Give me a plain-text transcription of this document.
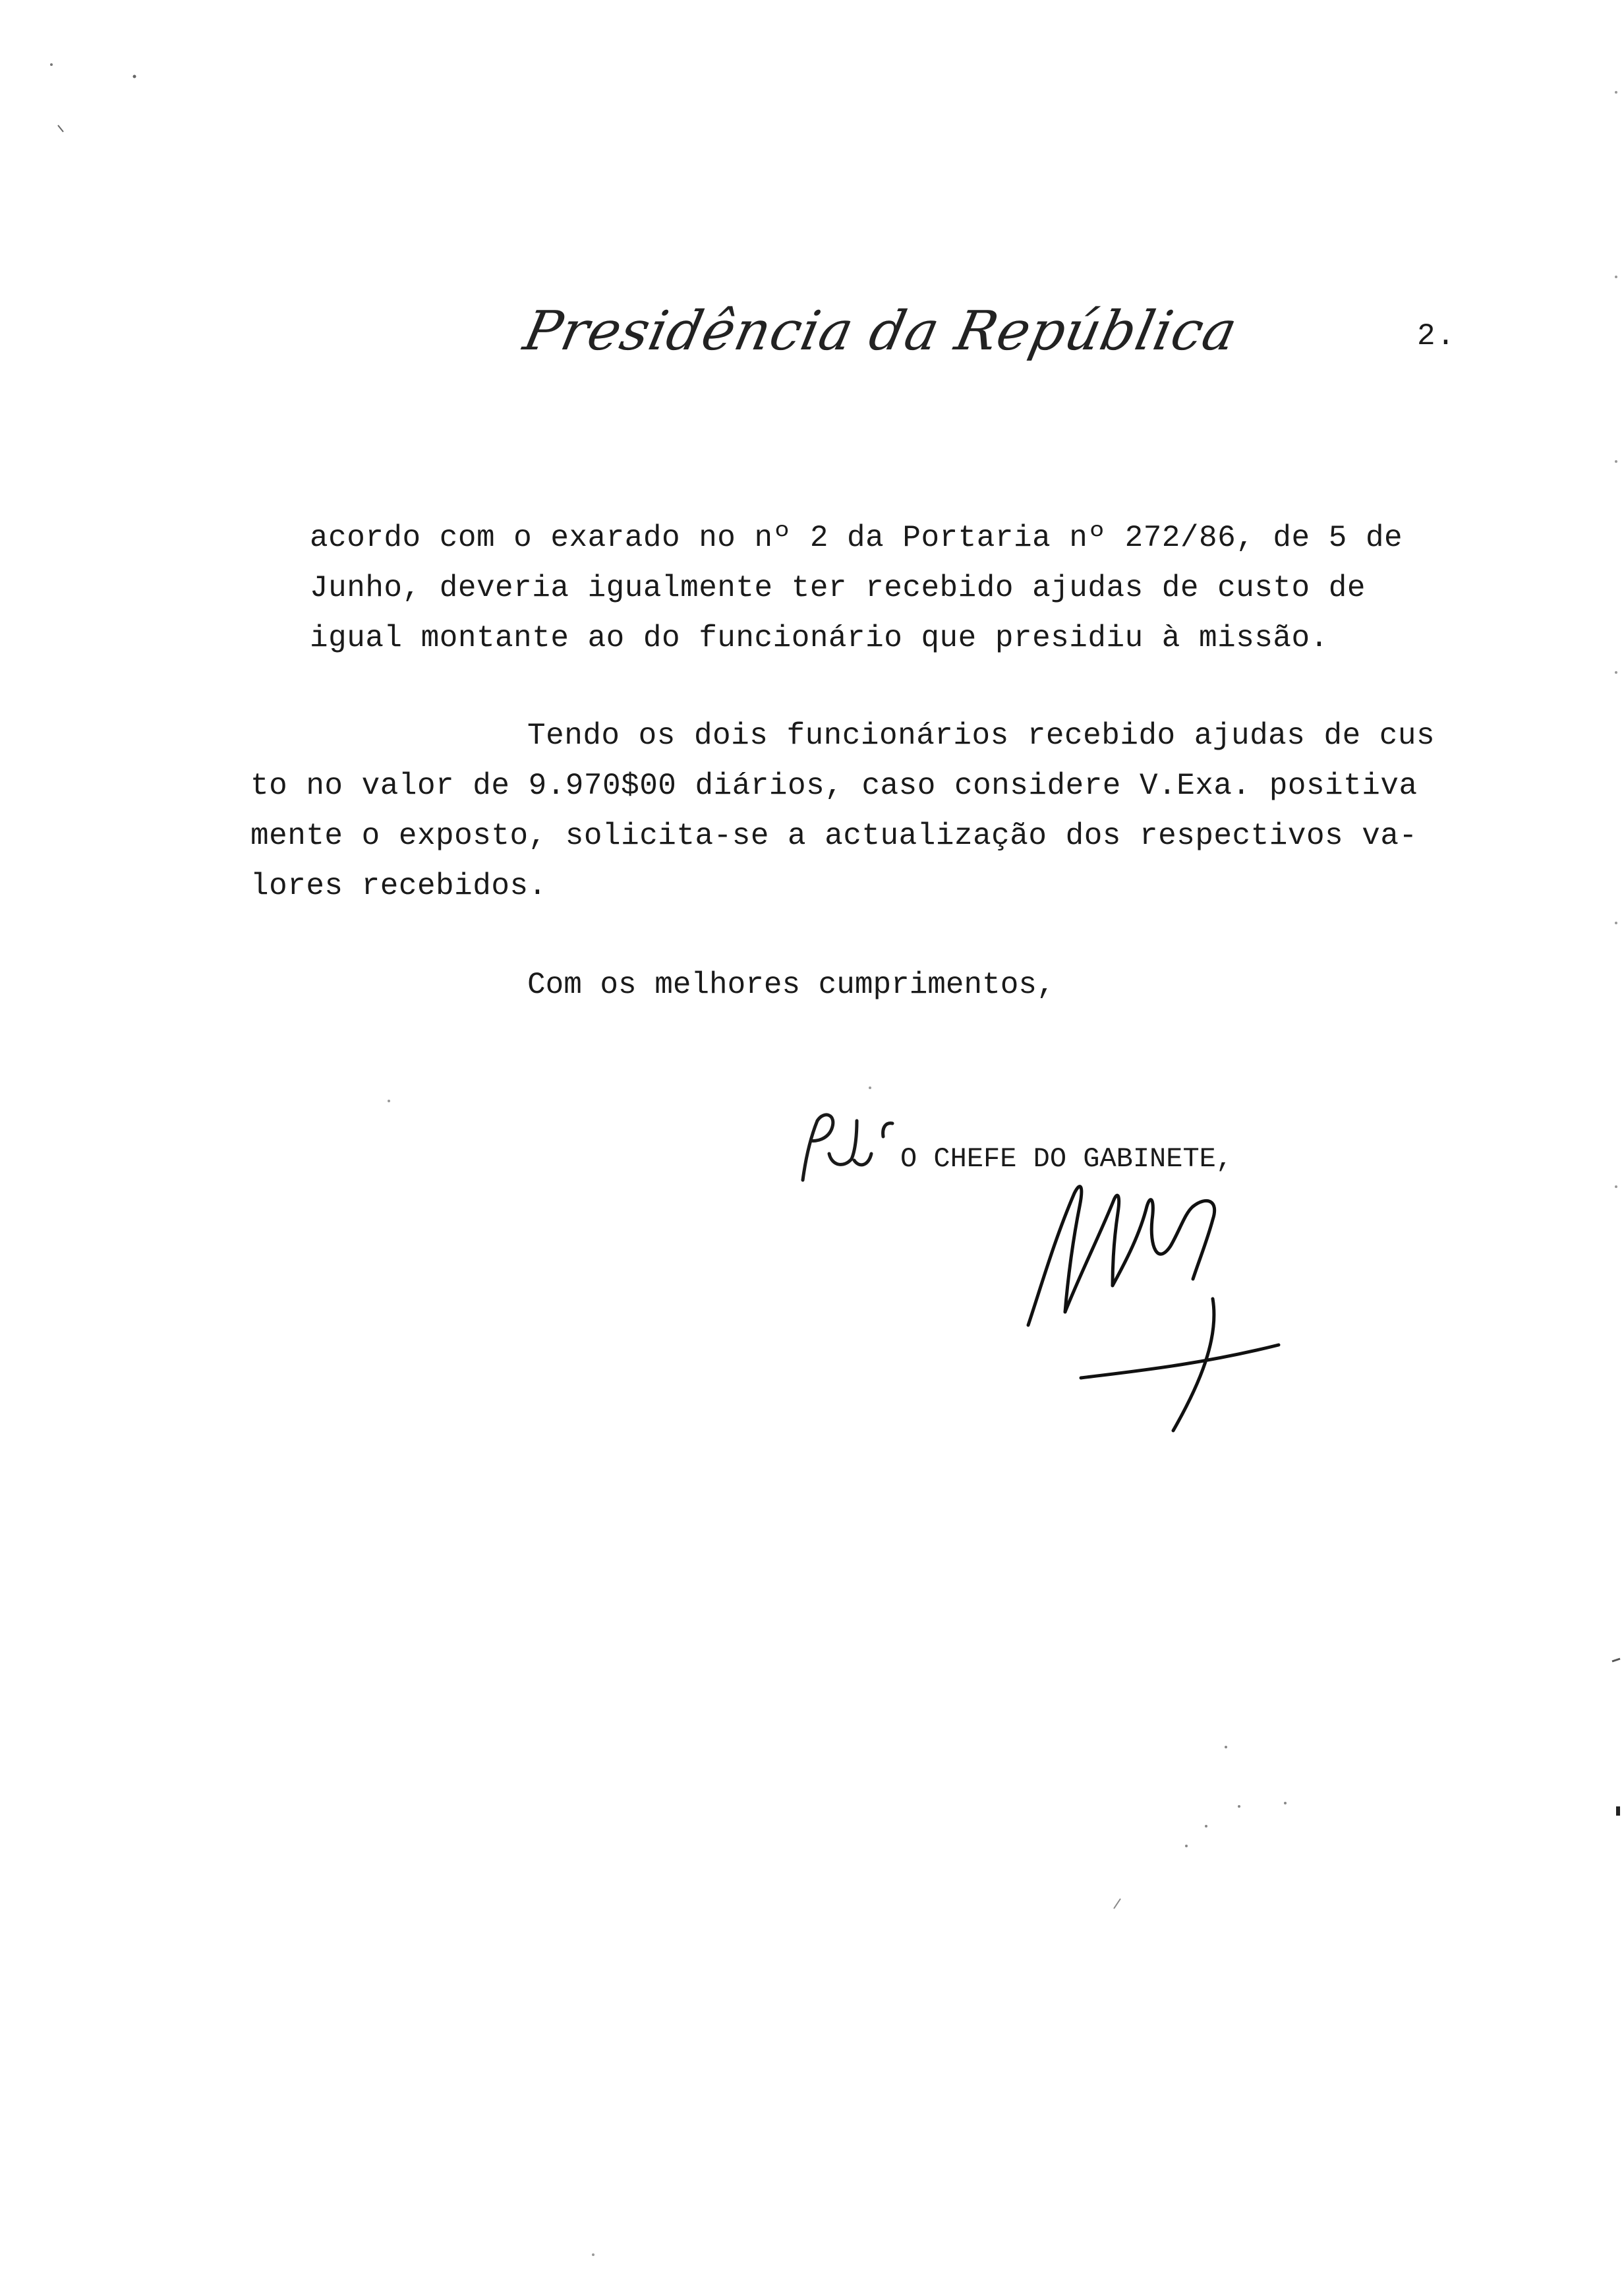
Presidência da República	2.
acordo com o exarado no nº 2 da Portaria nº 272/86, de 5 de
Junho, deveria igualmente ter recebido ajudas de custo de
igual montante ao do funcionário que presidiu à missão.
Tendo os dois funcionários recebido ajudas de cus
to no valor de 9.970$00 diários, caso considere V.Exa. positiva
mente o exposto, solicita-se a actualização dos respectivos va-
lores recebidos.
Com os melhores cumprimentos,
O CHEFE DO GABINETE,
